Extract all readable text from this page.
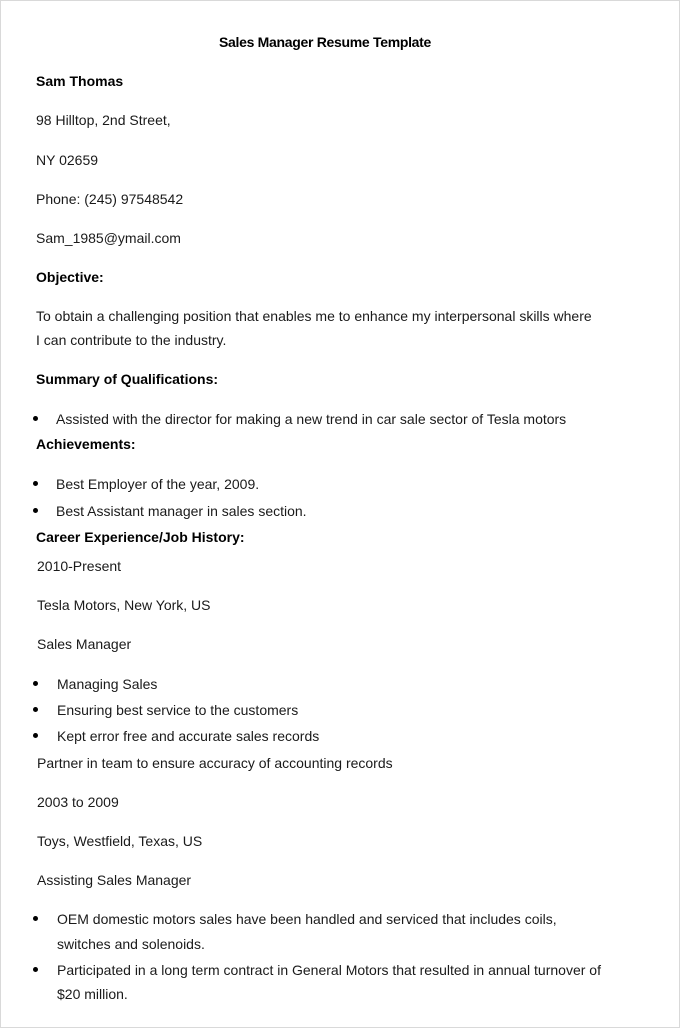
Sales Manager Resume Template
Sam Thomas
98 Hilltop, 2nd Street,
NY 02659
Phone: (245) 97548542
Sam_1985@ymail.com
Objective:
To obtain a challenging position that enables me to enhance my interpersonal skills where
I can contribute to the industry.
Summary of Qualifications:
Assisted with the director for making a new trend in car sale sector of Tesla motors
Achievements:
Best Employer of the year, 2009.
Best Assistant manager in sales section.
Career Experience/Job History:
2010-Present
Tesla Motors, New York, US
Sales Manager
Managing Sales
Ensuring best service to the customers
Kept error free and accurate sales records
Partner in team to ensure accuracy of accounting records
2003 to 2009
Toys, Westfield, Texas, US
Assisting Sales Manager
OEM domestic motors sales have been handled and serviced that includes coils,
switches and solenoids.
Participated in a long term contract in General Motors that resulted in annual turnover of
$20 million.
